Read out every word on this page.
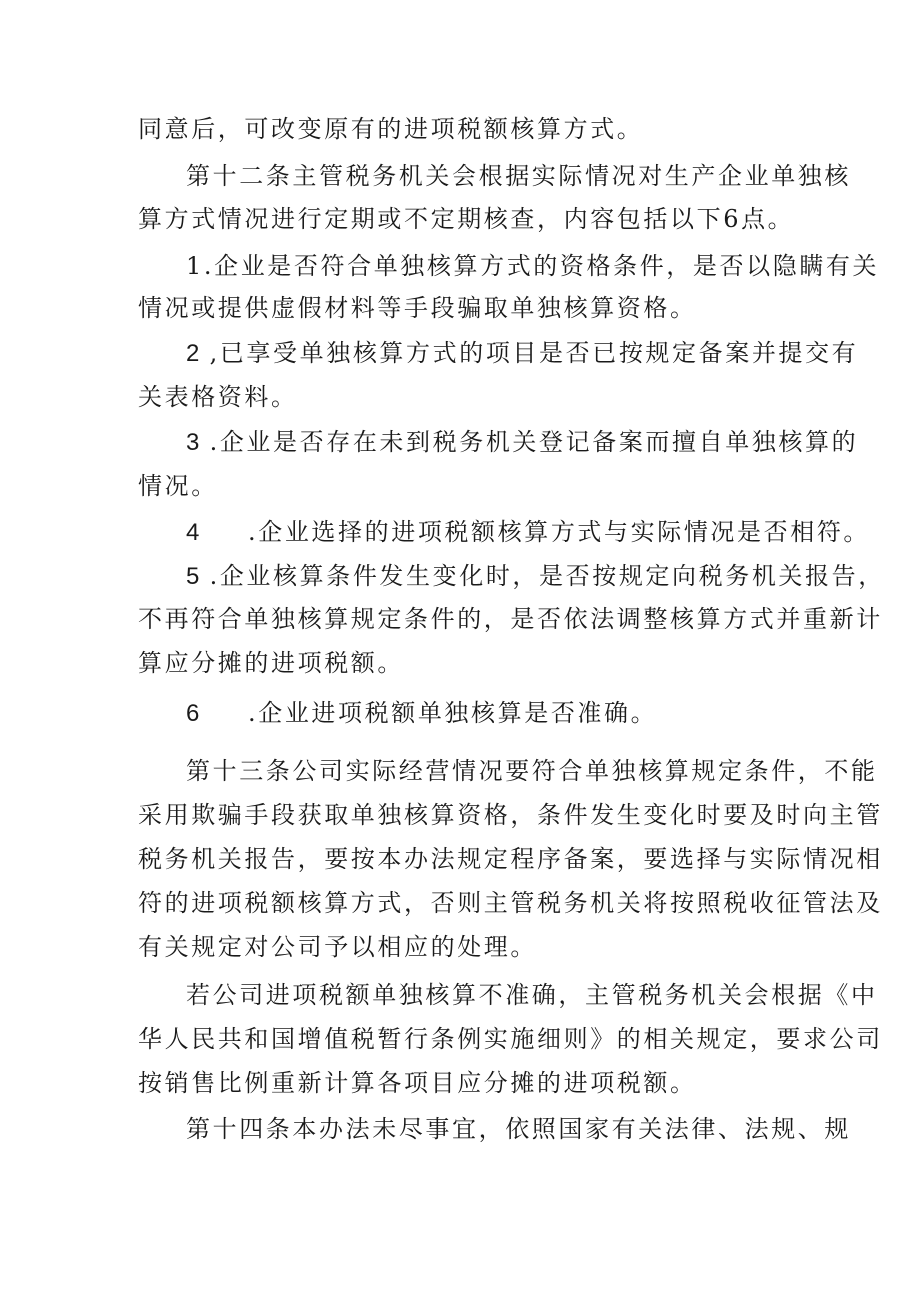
同意后，可改变原有的进项税额核算方式。
第十二条主管税务机关会根据实际情况对生产企业单独核
算方式情况进行定期或不定期核查，内容包括以下6点。
1.企业是否符合单独核算方式的资格条件，是否以隐瞒有关
情况或提供虚假材料等手段骗取单独核算资格。
2 ,已享受单独核算方式的项目是否已按规定备案并提交有
关表格资料。
3 .企业是否存在未到税务机关登记备案而擅自单独核算的
情况。
4 .企业选择的进项税额核算方式与实际情况是否相符。
5 .企业核算条件发生变化时，是否按规定向税务机关报告，
不再符合单独核算规定条件的，是否依法调整核算方式并重新计
算应分摊的进项税额。
6 .企业进项税额单独核算是否准确。
第十三条公司实际经营情况要符合单独核算规定条件，不能
采用欺骗手段获取单独核算资格，条件发生变化时要及时向主管
税务机关报告，要按本办法规定程序备案，要选择与实际情况相
符的进项税额核算方式，否则主管税务机关将按照税收征管法及
有关规定对公司予以相应的处理。
若公司进项税额单独核算不准确，主管税务机关会根据《中
华人民共和国增值税暂行条例实施细则》的相关规定，要求公司
按销售比例重新计算各项目应分摊的进项税额。
第十四条本办法未尽事宜，依照国家有关法律、法规、规
